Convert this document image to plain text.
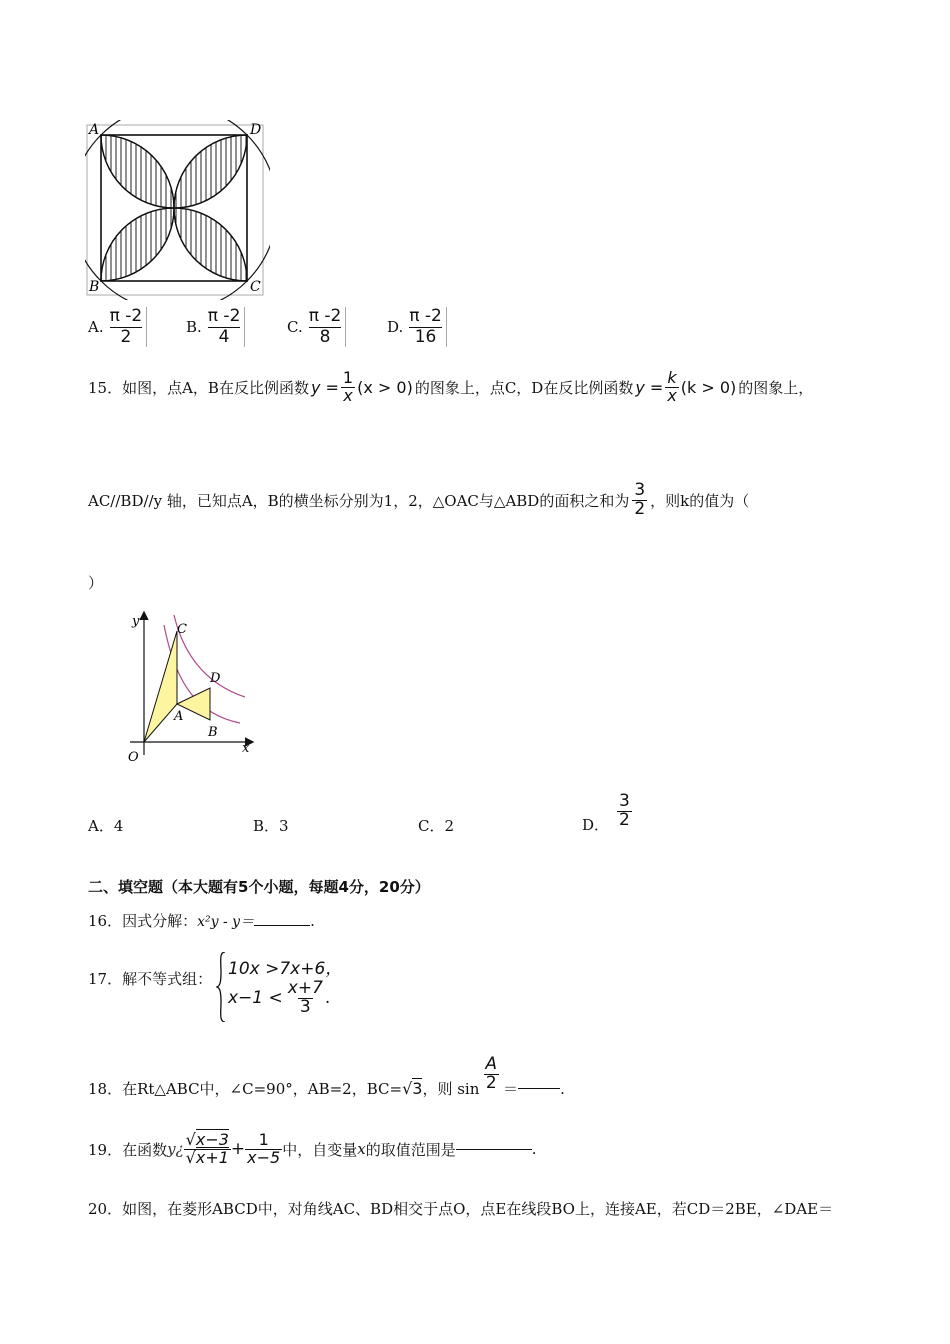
A	D
B	C
A. $\frac{\pi -2}{2}$	B. $\frac{\pi -2}{4}$	C. $\frac{\pi -2}{8}$	D. $\frac{\pi -2}{16}$
15． 如图，点A，B在反比例函数 $y = \frac{1}{x} (x > 0)$ 的图象上，点C，D在反比例函数 $y = \frac{k}{x} (k > 0)$ 的图象上，
AC//BD//y 轴，已知点A，B的横坐标分别为1，2，△OAC与△ABD的面积之和为 $\frac{3}{2}$ ，则k的值为（
）
y
x
O
A
B
C
D
A．4	B．3	C．2	D． $\frac{3}{2}$
二、填空题（本大题有5个小题，每题4分，20分）
16．因式分解：x²y - y＝	.
17．解不等式组： 10x >7x+6，
$x-1 < \frac{x+7}{3}$ .
18． 在Rt△ABC中，∠C=90°，AB=2，BC= √3 ，则 $\sin \frac{A}{2}$ ＝	.
19． 在函数 y¿ $\frac{√x-3}{√x+1} + \frac{1}{x-5}$ 中，自变量 x 的取值范围是	.
20．如图，在菱形ABCD中，对角线AC、BD相交于点O，点E在线段BO上，连接AE，若CD＝2BE，∠DAE＝
